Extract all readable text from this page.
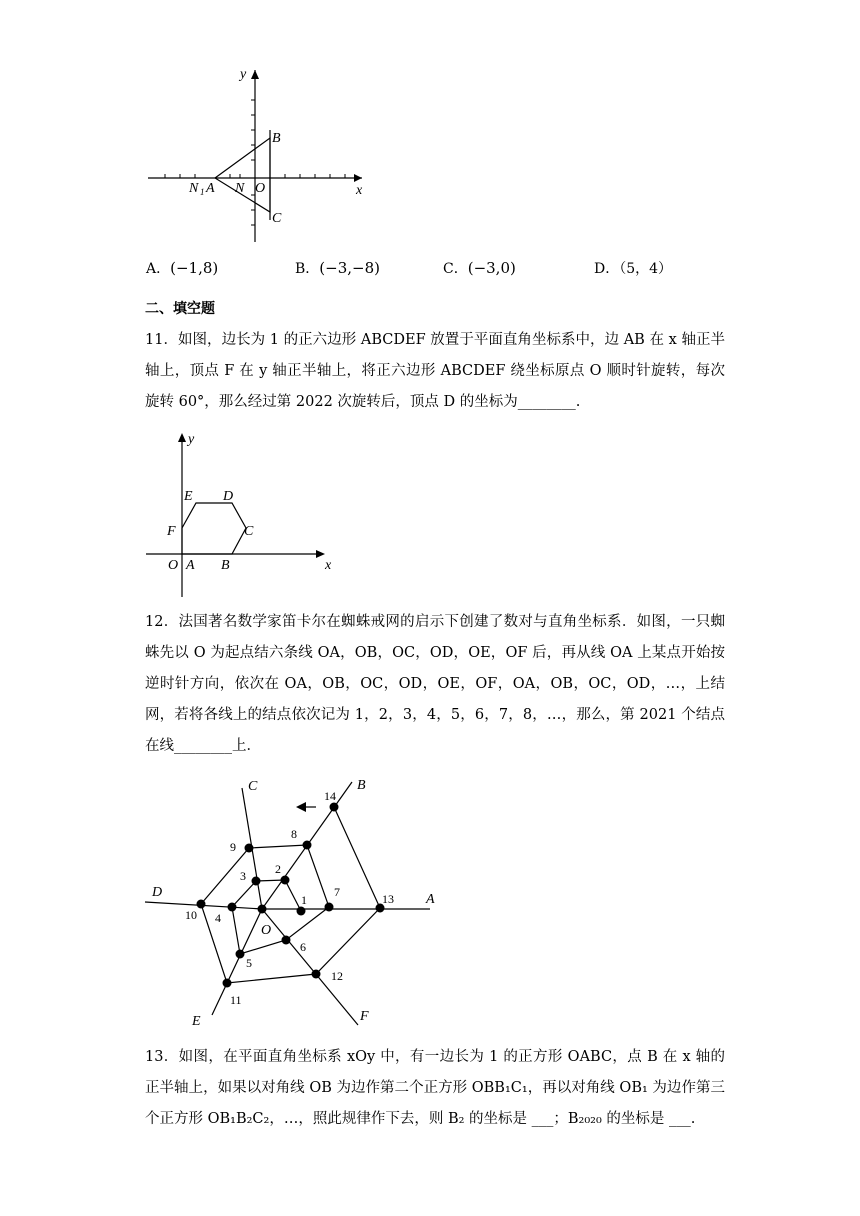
y
x
B
C
N 1 A N O
A．(−1,8)	B．(−3,−8)	C．(−3,0)	D．（5，4）
二、填空题
11．如图，边长为 1 的正六边形 ABCDEF 放置于平面直角坐标系中，边 AB 在 x 轴正半轴上，顶点 F 在 y 轴正半轴上，将正六边形 ABCDEF 绕坐标原点 O 顺时针旋转，每次旋转 60°，那么经过第 2022 次旋转后，顶点 D 的坐标为________.
y
x
E D
F	C
O A B
12．法国著名数学家笛卡尔在蜘蛛戒网的启示下创建了数对与直角坐标系．如图，一只蜘蛛先以 O 为起点结六条线 OA，OB，OC，OD，OE，OF 后，再从线 OA 上某点开始按逆时针方向，依次在 OA，OB，OC，OD，OE，OF，OA，OB，OC，OD，…，上结网，若将各线上的结点依次记为 1，2，3，4，5，6，7，8，…，那么，第 2021 个结点在线________上．
1
2
3
4
5
6
7
8
9
10
11
12
13
14
A
B
C
D
E	F
O
13．如图，在平面直角坐标系 xOy 中，有一边长为 1 的正方形 OABC，点 B 在 x 轴的正半轴上，如果以对角线 OB 为边作第二个正方形 OBB₁C₁，再以对角线 OB₁ 为边作第三个正方形 OB₁B₂C₂，…，照此规律作下去，则 B₂ 的坐标是 ___；B₂₀₂₀ 的坐标是 ___.
